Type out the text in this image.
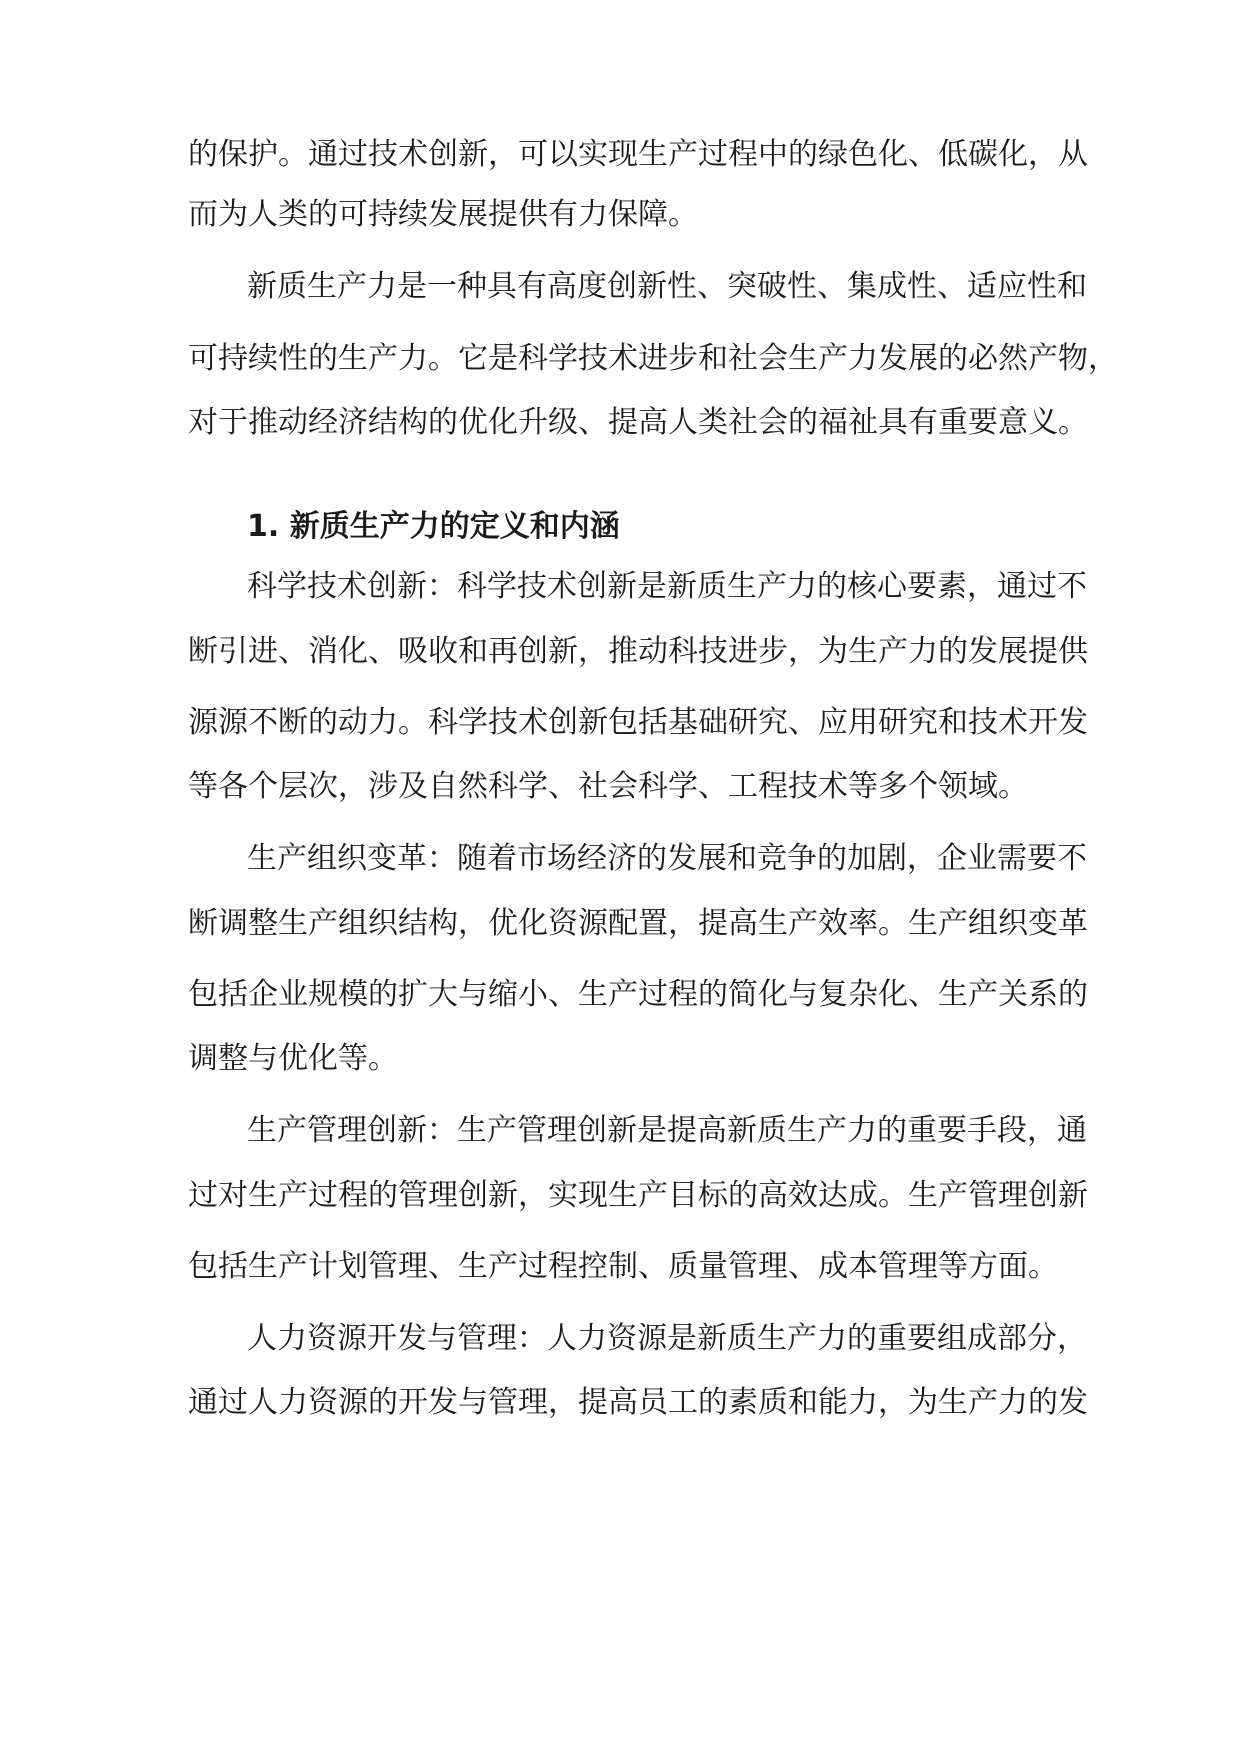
的保护。通过技术创新，可以实现生产过程中的绿色化、低碳化，从
而为人类的可持续发展提供有力保障。
新质生产力是一种具有高度创新性、突破性、集成性、适应性和
可持续性的生产力。它是科学技术进步和社会生产力发展的必然产物，
对于推动经济结构的优化升级、提高人类社会的福祉具有重要意义。
1. 新质生产力的定义和内涵
科学技术创新：科学技术创新是新质生产力的核心要素，通过不
断引进、消化、吸收和再创新，推动科技进步，为生产力的发展提供
源源不断的动力。科学技术创新包括基础研究、应用研究和技术开发
等各个层次，涉及自然科学、社会科学、工程技术等多个领域。
生产组织变革：随着市场经济的发展和竞争的加剧，企业需要不
断调整生产组织结构，优化资源配置，提高生产效率。生产组织变革
包括企业规模的扩大与缩小、生产过程的简化与复杂化、生产关系的
调整与优化等。
生产管理创新：生产管理创新是提高新质生产力的重要手段，通
过对生产过程的管理创新，实现生产目标的高效达成。生产管理创新
包括生产计划管理、生产过程控制、质量管理、成本管理等方面。
人力资源开发与管理：人力资源是新质生产力的重要组成部分，
通过人力资源的开发与管理，提高员工的素质和能力，为生产力的发
